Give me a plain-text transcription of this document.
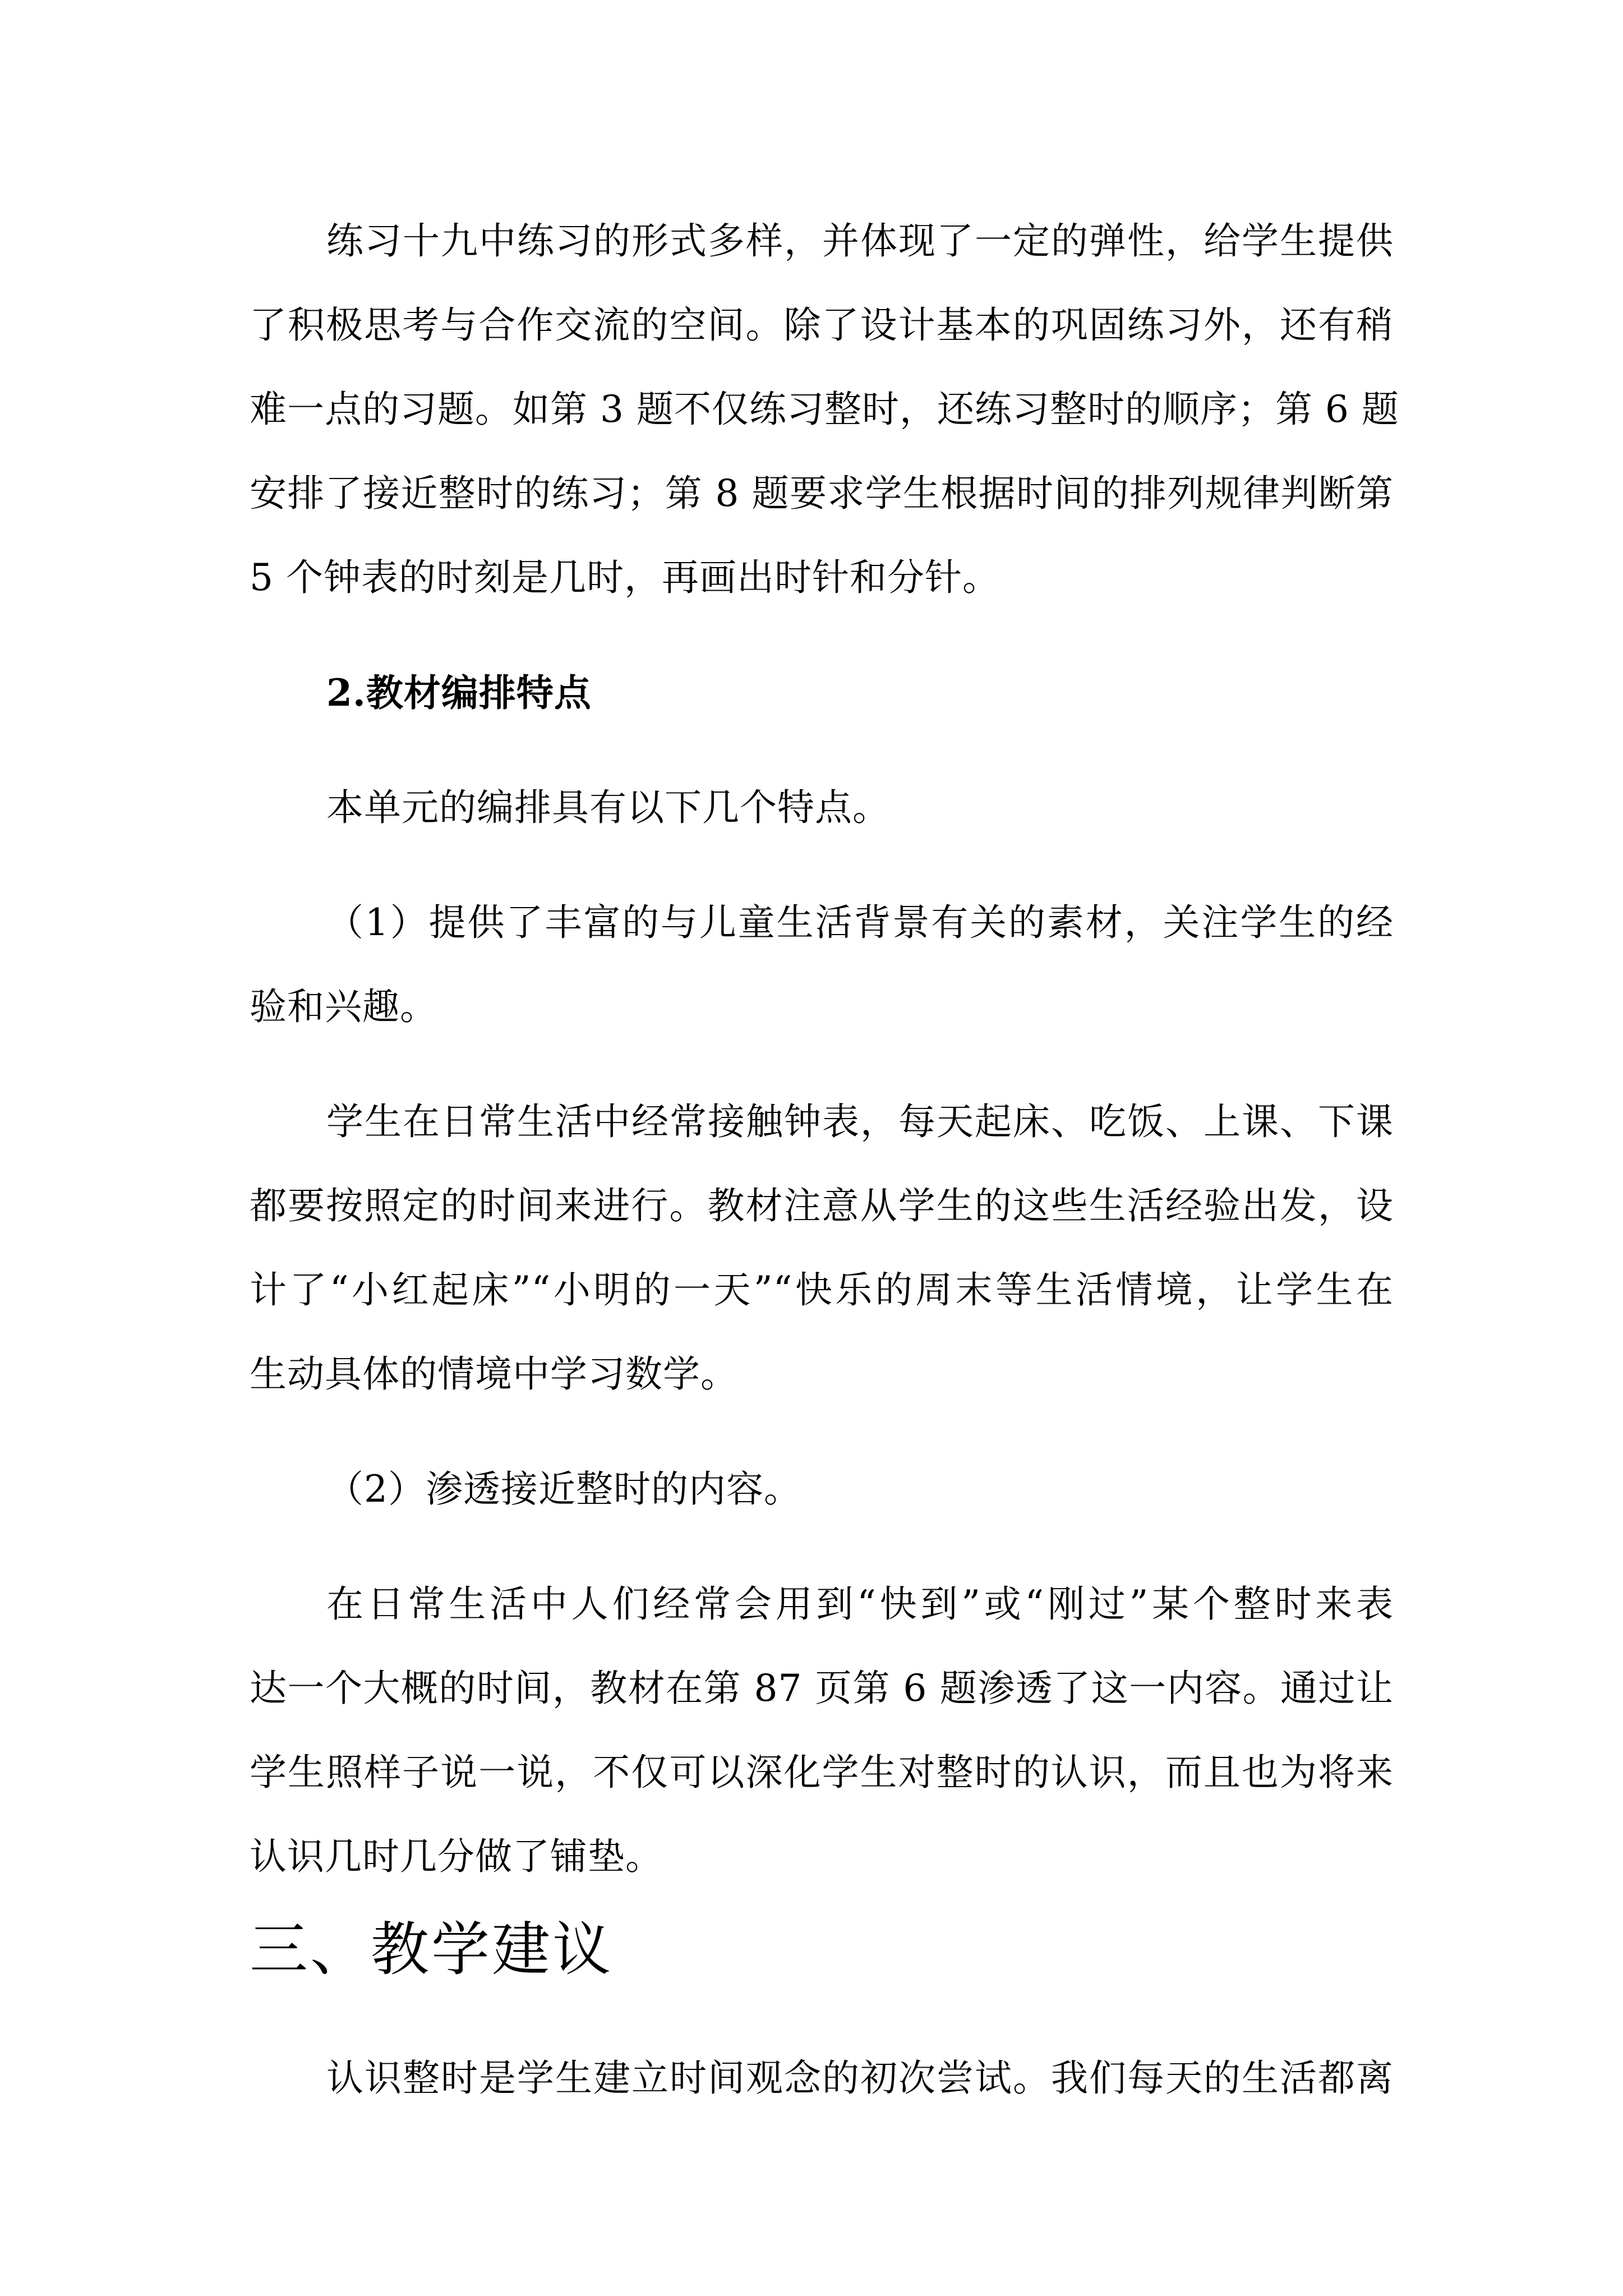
练习十九中练习的形式多样，并体现了一定的弹性，给学生提供
了积极思考与合作交流的空间。除了设计基本的巩固练习外，还有稍
难一点的习题。如第 3 题不仅练习整时，还练习整时的顺序；第 6 题
安排了接近整时的练习；第 8 题要求学生根据时间的排列规律判断第
5 个钟表的时刻是几时，再画出时针和分针。
2.教材编排特点
本单元的编排具有以下几个特点。
（1）提供了丰富的与儿童生活背景有关的素材，关注学生的经
验和兴趣。
学生在日常生活中经常接触钟表，每天起床、吃饭、上课、下课
都要按照定的时间来进行。教材注意从学生的这些生活经验出发，设
计了“小红起床”“小明的一天”“快乐的周末等生活情境，让学生在
生动具体的情境中学习数学。
（2）渗透接近整时的内容。
在日常生活中人们经常会用到“快到”或“刚过”某个整时来表
达一个大概的时间，教材在第 87 页第 6 题渗透了这一内容。通过让
学生照样子说一说，不仅可以深化学生对整时的认识，而且也为将来
认识几时几分做了铺垫。
三、教学建议
认识整时是学生建立时间观念的初次尝试。我们每天的生活都离
